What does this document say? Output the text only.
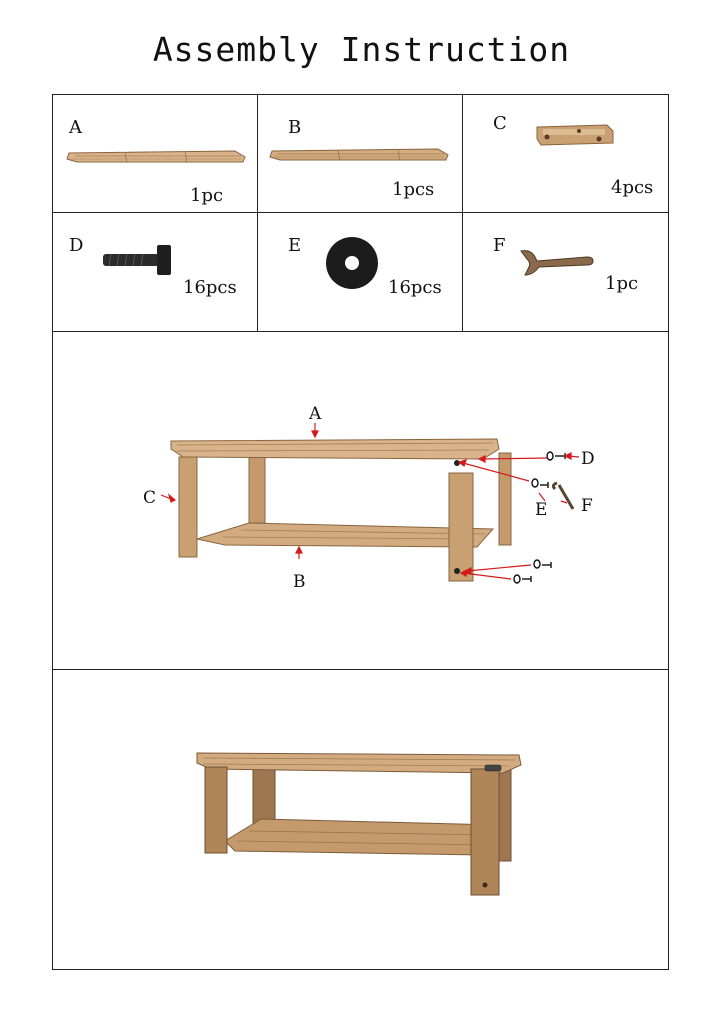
Assembly Instruction
A
1pc
B
1pcs
C
4pcs
D
16pcs
E
16pcs
F
1pc
A
B
C
D
E F
